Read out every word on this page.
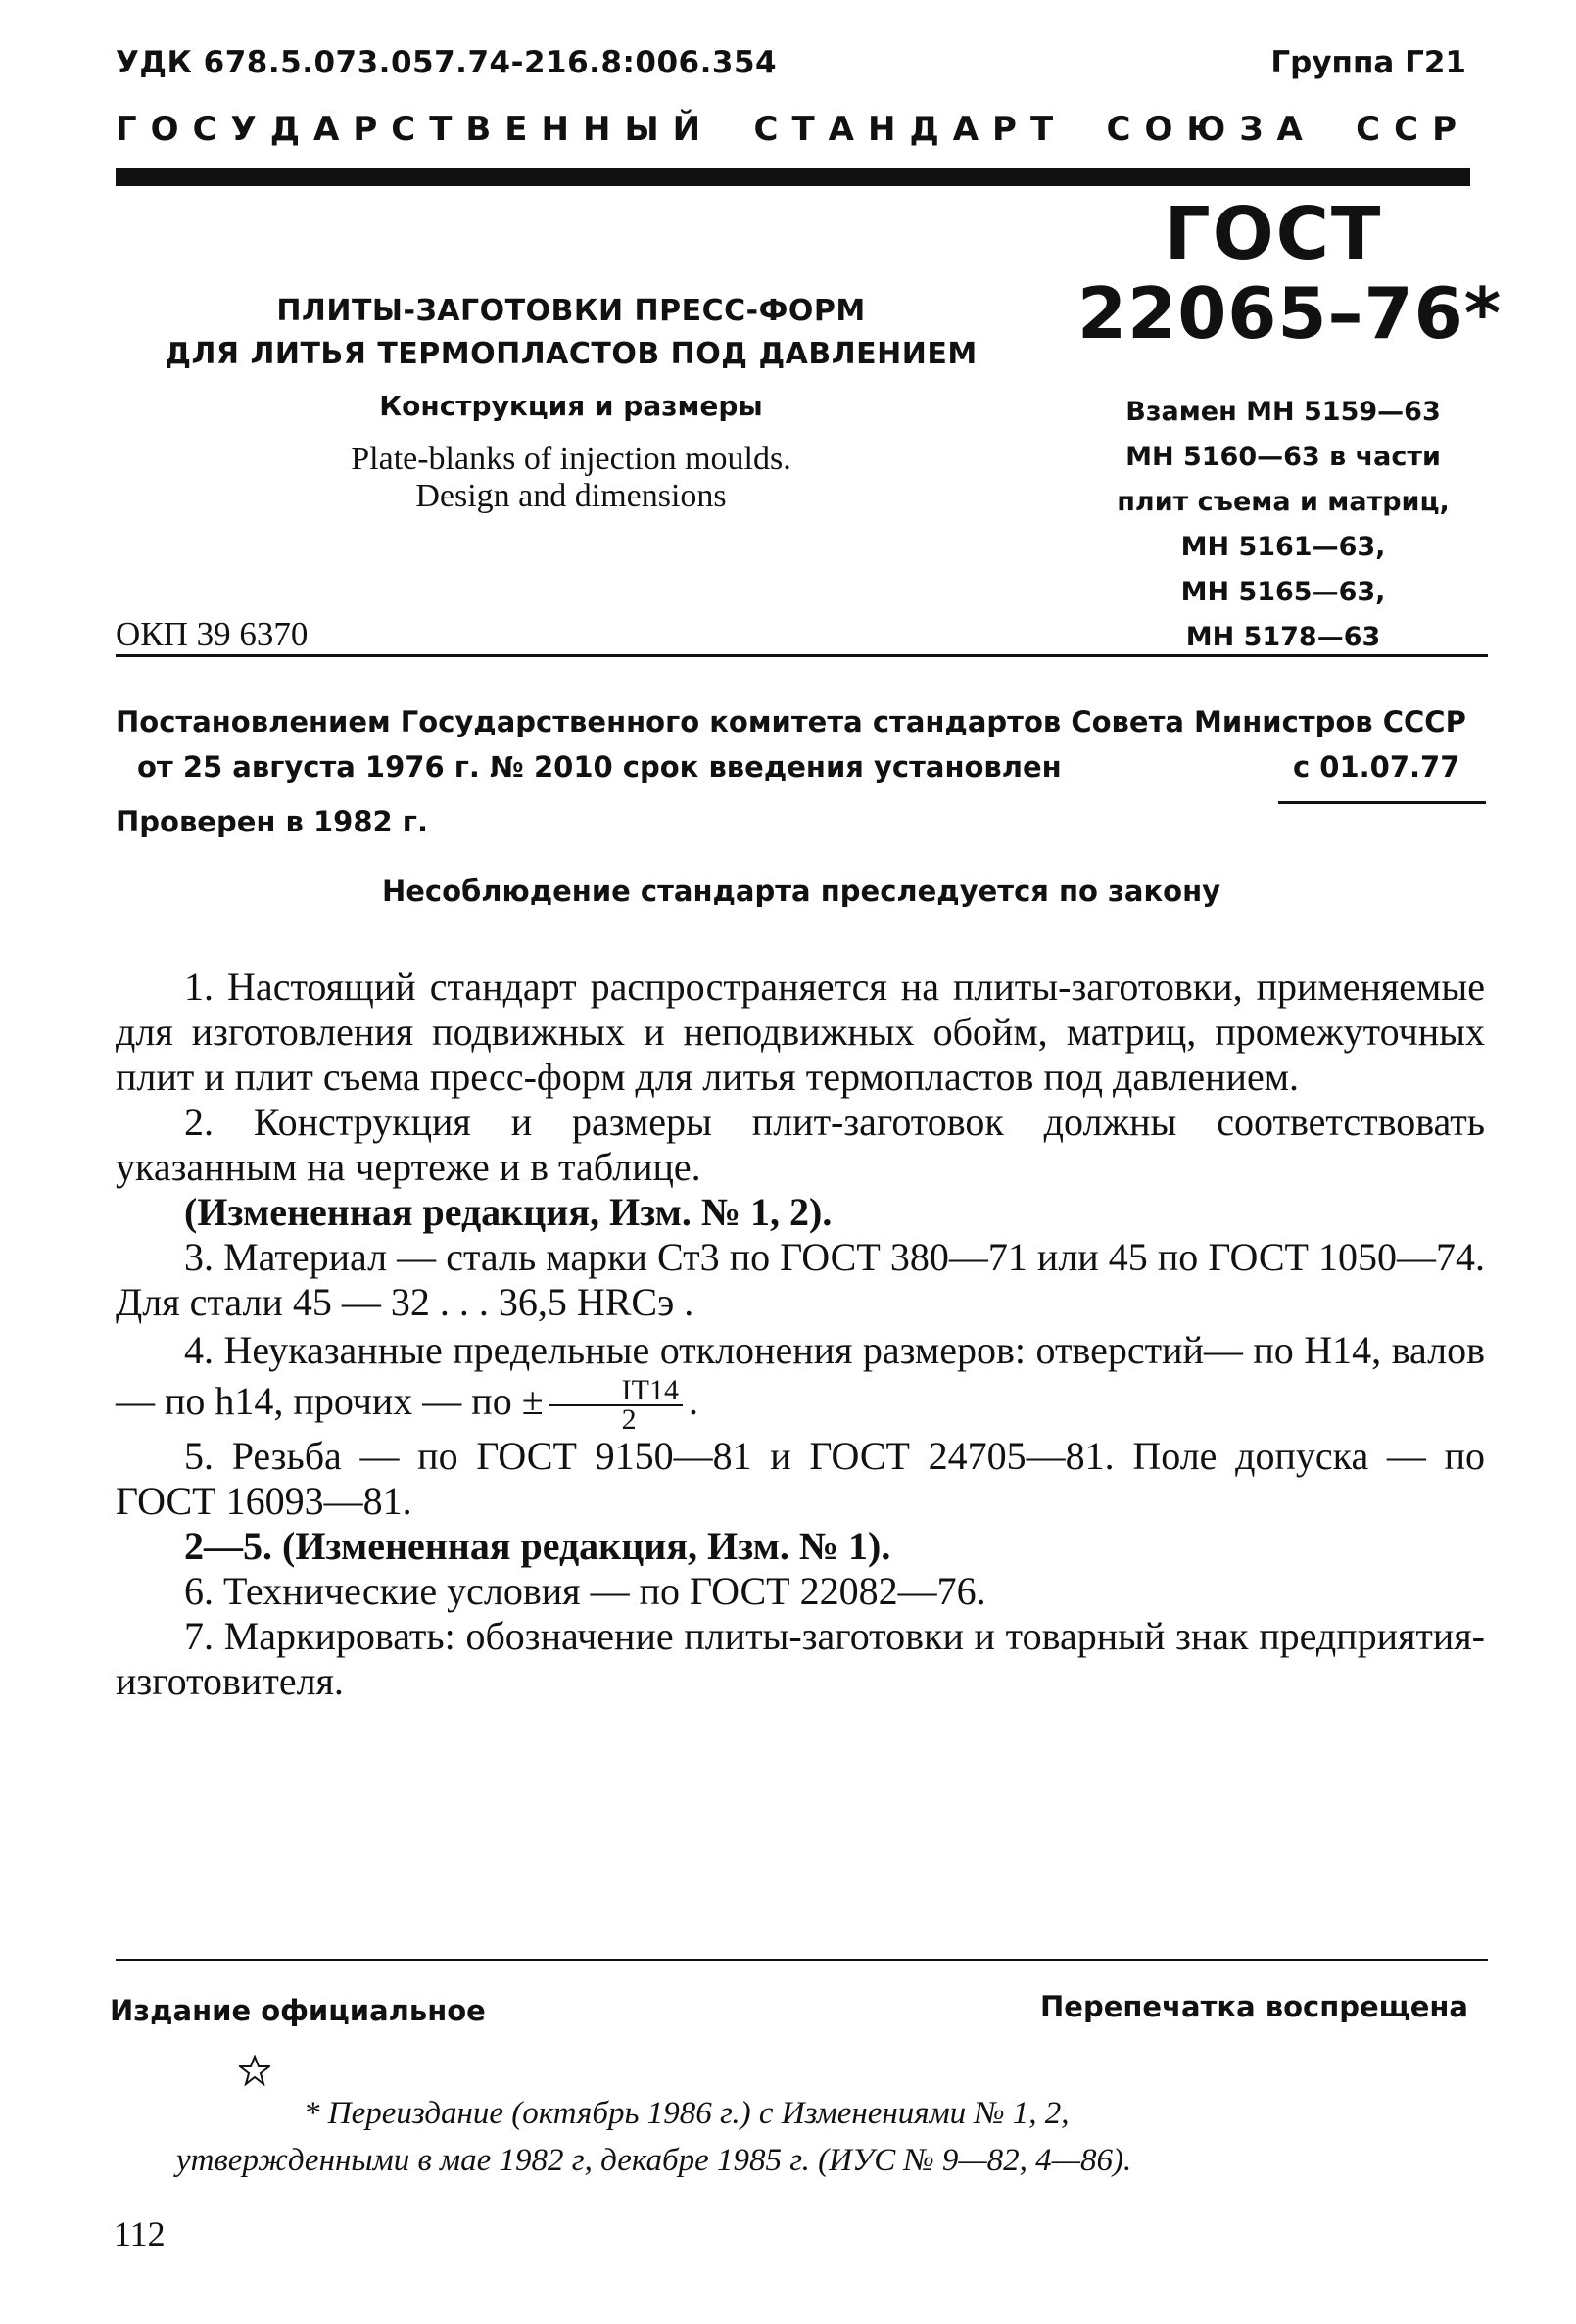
УДК 678.5.073.057.74-216.8:006.354	Группа Г21
ГОСУДАРСТВЕННЫЙ СТАНДАРТ СОЮЗА ССР
ГОСТ
22065–76*
ПЛИТЫ-ЗАГОТОВКИ ПРЕСС-ФОРМ
ДЛЯ ЛИТЬЯ ТЕРМОПЛАСТОВ ПОД ДАВЛЕНИЕМ
Конструкция и размеры
Plate-blanks of injection moulds.
Design and dimensions
ОКП 39 6370
Взамен МН 5159—63
МН 5160—63 в части
плит съема и матриц,
МН 5161—63,
МН 5165—63,
МН 5178—63
Постановлением Государственного комитета стандартов Совета Министров СССР
от 25 августа 1976 г. № 2010 срок введения установлен	с 01.07.77
Проверен в 1982 г.
Несоблюдение стандарта преследуется по закону

1. Настоящий стандарт распространяется на плиты-заготовки, применяемые для изготовления подвижных и неподвижных обойм, матриц, промежуточных плит и плит съема пресс-форм для литья термопластов под давлением.

2. Конструкция и размеры плит-заготовок должны соответствовать указанным на чертеже и в таблице.

(Измененная редакция, Изм. № 1, 2).

3. Материал — сталь марки Ст3 по ГОСТ 380—71 или 45 по ГОСТ 1050—74. Для стали 45 — 32 . . . 36,5 HRCэ .

4. Неуказанные предельные отклонения размеров: отверстий— по Н14, валов — по h14, прочих — по ± $\frac{IT14}{2}$ .

5. Резьба — по ГОСТ 9150—81 и ГОСТ 24705—81. Поле допуска — по ГОСТ 16093—81.

2—5. (Измененная редакция, Изм. № 1).

6. Технические условия — по ГОСТ 22082—76.

7. Маркировать: обозначение плиты-заготовки и товарный знак предприятия-изготовителя.

Издание официальное	Перепечатка воспрещена
* Переиздание (октябрь 1986 г.) с Изменениями № 1, 2,
утвержденными в мае 1982 г, декабре 1985 г. (ИУС № 9—82, 4—86).
112
